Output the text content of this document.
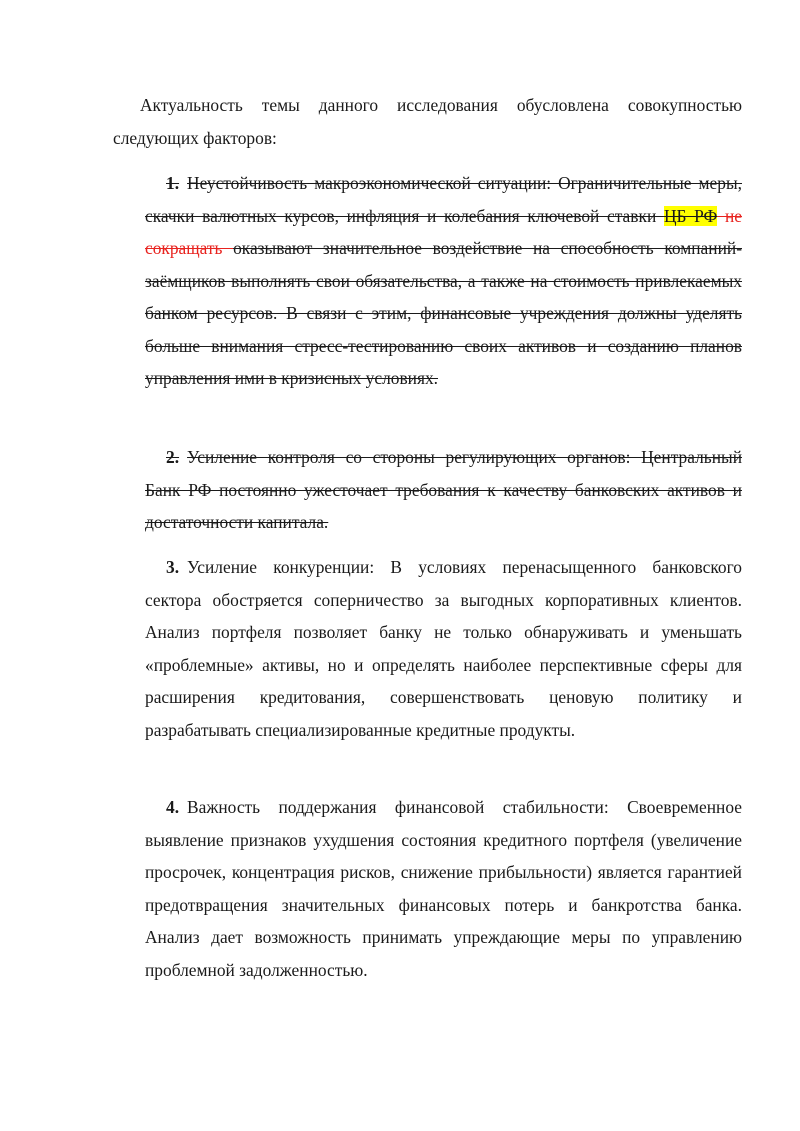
Актуальность темы данного исследования обусловлена совокупностью следующих факторов:

1. Неустойчивость макроэкономической ситуации: Ограничительные меры, скачки валютных курсов, инфляция и колебания ключевой ставки ЦБ РФ не сокращать оказывают значительное воздействие на способность компаний-заёмщиков выполнять свои обязательства, а также на стоимость привлекаемых банком ресурсов. В связи с этим, финансовые учреждения должны уделять больше внимания стресс-тестированию своих активов и созданию планов управления ими в кризисных условиях.

2. Усиление контроля со стороны регулирующих органов: Центральный Банк РФ постоянно ужесточает требования к качеству банковских активов и достаточности капитала.

3. Усиление конкуренции: В условиях перенасыщенного банковского сектора обостряется соперничество за выгодных корпоративных клиентов. Анализ портфеля позволяет банку не только обнаруживать и уменьшать «проблемные» активы, но и определять наиболее перспективные сферы для расширения кредитования, совершенствовать ценовую политику и разрабатывать специализированные кредитные продукты.

4. Важность поддержания финансовой стабильности: Своевременное выявление признаков ухудшения состояния кредитного портфеля (увеличение просрочек, концентрация рисков, снижение прибыльности) является гарантией предотвращения значительных финансовых потерь и банкротства банка. Анализ дает возможность принимать упреждающие меры по управлению проблемной задолженностью.
